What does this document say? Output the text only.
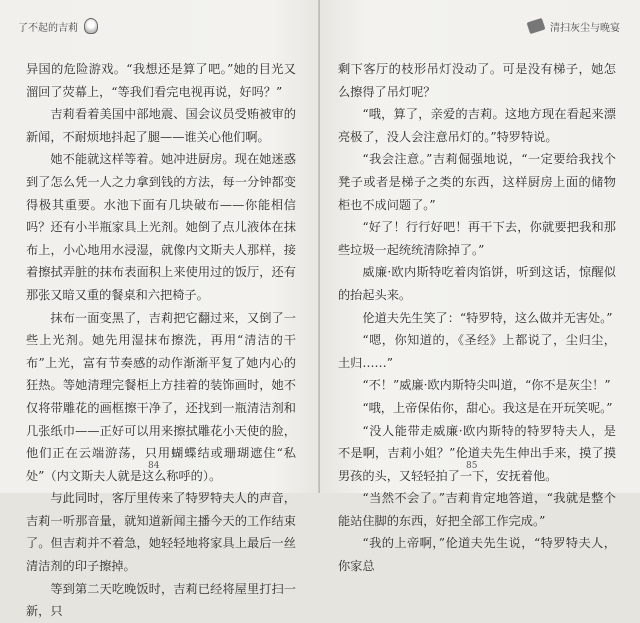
了不起的吉莉

异国的危险游戏。“我想还是算了吧。”她的目光又溜回了荧幕上，“等我们看完电视再说，好吗？”

吉莉看着美国中部地震、国会议员受贿被审的新闻，不耐烦地抖起了腿——谁关心他们啊。

她不能就这样等着。她冲进厨房。现在她迷惑到了怎么凭一人之力拿到钱的方法，每一分钟都变得极其重要。水池下面有几块破布——你能相信吗？还有小半瓶家具上光剂。她倒了点儿液体在抹布上，小心地用水浸湿，就像内文斯夫人那样，接着擦拭弄脏的抹布表面积上来使用过的饭厅，还有那张又暗又重的餐桌和六把椅子。

抹布一面变黑了，吉莉把它翻过来，又倒了一些上光剂。她先用湿抹布擦洗，再用“清洁的干布”上光，富有节奏感的动作渐渐平复了她内心的狂热。等她清理完餐柜上方挂着的装饰画时，她不仅将带雕花的画框擦干净了，还找到一瓶清洁剂和几张纸巾——正好可以用来擦拭雕花小天使的脸，他们正在云端游荡，只用蝴蝶结或珊瑚遮住“私处”（内文斯夫人就是这么称呼的）。

与此同时，客厅里传来了特罗特夫人的声音，吉莉一听那音量，就知道新闻主播今天的工作结束了。但吉莉并不着急，她轻轻地将家具上最后一丝清洁剂的印子擦掉。

等到第二天吃晚饭时，吉莉已经将屋里打扫一新，只

84
清扫灰尘与晚宴

剩下客厅的枝形吊灯没动了。可是没有梯子，她怎么擦得了吊灯呢？

“哦，算了，亲爱的吉莉。这地方现在看起来漂亮极了，没人会注意吊灯的。”特罗特说。

“我会注意。”吉莉倔强地说，“一定要给我找个凳子或者是梯子之类的东西，这样厨房上面的储物柜也不成问题了。”

“好了！行行好吧！再干下去，你就要把我和那些垃圾一起统统清除掉了。”

威廉·欧内斯特吃着肉馅饼，听到这话，惊醒似的抬起头来。

伦道夫先生笑了：“特罗特，这么做并无害处。”

“嗯，你知道的，《圣经》上都说了，尘归尘，土归……”

“不！”威廉·欧内斯特尖叫道，“你不是灰尘！”

“哦，上帝保佑你，甜心。我这是在开玩笑呢。”

“没人能带走威廉·欧内斯特的特罗特夫人，是不是啊，吉莉小姐？”伦道夫先生伸出手来，摸了摸男孩的头，又轻轻拍了一下，安抚着他。

“当然不会了。”吉莉肯定地答道，“我就是整个能站住脚的东西，好把全部工作完成。”

“我的上帝啊，”伦道夫先生说，“特罗特夫人，你家总

85
